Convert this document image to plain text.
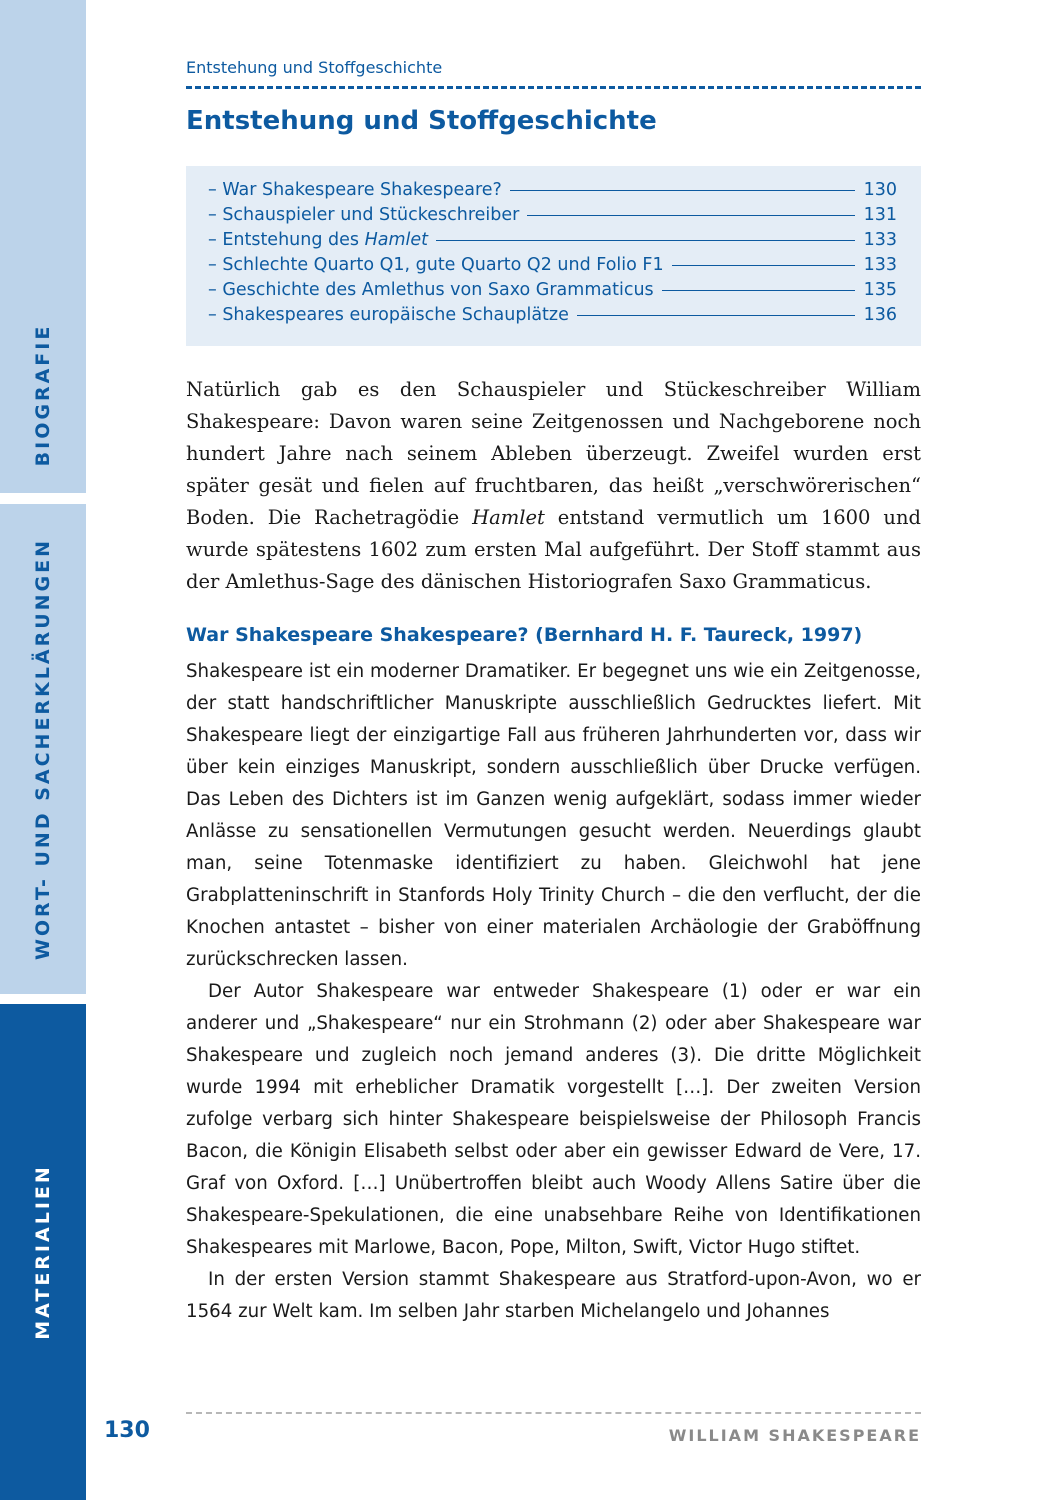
BIOGRAFIE
WORT- UND SACHERKLÄRUNGEN
MATERIALIEN
Entstehung und Stoffgeschichte
Entstehung und Stoffgeschichte
– War Shakespeare Shakespeare?	130
– Schauspieler und Stückeschreiber	131
– Entstehung des Hamlet	133
– Schlechte Quarto Q1, gute Quarto Q2 und Folio F1	133
– Geschichte des Amlethus von Saxo Grammaticus	135
– Shakespeares europäische Schauplätze	136

Natürlich gab es den Schauspieler und Stückeschreiber William Shakespeare: Davon waren seine Zeitgenossen und Nachgeborene noch hundert Jahre nach seinem Ableben überzeugt. Zweifel wurden erst später gesät und fielen auf fruchtbaren, das heißt „verschwörerischen“ Boden. Die Rachetragödie Hamlet entstand vermutlich um 1600 und wurde spätestens 1602 zum ersten Mal aufgeführt. Der Stoff stammt aus der Amlethus-Sage des dänischen Historiografen Saxo Grammaticus.

War Shakespeare Shakespeare? (Bernhard H. F. Taureck, 1997)

Shakespeare ist ein moderner Dramatiker. Er begegnet uns wie ein Zeitgenosse, der statt handschriftlicher Manuskripte ausschließlich Gedrucktes liefert. Mit Shakespeare liegt der einzigartige Fall aus früheren Jahrhunderten vor, dass wir über kein einziges Manuskript, sondern ausschließlich über Drucke verfügen. Das Leben des Dichters ist im Ganzen wenig aufgeklärt, sodass immer wieder Anlässe zu sensationellen Vermutungen gesucht werden. Neuerdings glaubt man, seine Totenmaske identifiziert zu haben. Gleichwohl hat jene Grabplatteninschrift in Stanfords Holy Trinity Church – die den verflucht, der die Knochen antastet – bisher von einer materialen Archäologie der Graböffnung zurückschrecken lassen.

Der Autor Shakespeare war entweder Shakespeare (1) oder er war ein anderer und „Shakespeare“ nur ein Strohmann (2) oder aber Shakespeare war Shakespeare und zugleich noch jemand anderes (3). Die dritte Möglichkeit wurde 1994 mit erheblicher Dramatik vorgestellt […]. Der zweiten Version zufolge verbarg sich hinter Shakespeare beispielsweise der Philosoph Francis Bacon, die Königin Elisabeth selbst oder aber ein gewisser Edward de Vere, 17. Graf von Oxford. […] Unübertroffen bleibt auch Woody Allens Satire über die Shakespeare-Spekulationen, die eine unabsehbare Reihe von Identifikationen Shakespeares mit Marlowe, Bacon, Pope, Milton, Swift, Victor Hugo stiftet.

In der ersten Version stammt Shakespeare aus Stratford-upon-Avon, wo er 1564 zur Welt kam. Im selben Jahr starben Michelangelo und Johannes

130	WILLIAM SHAKESPEARE
